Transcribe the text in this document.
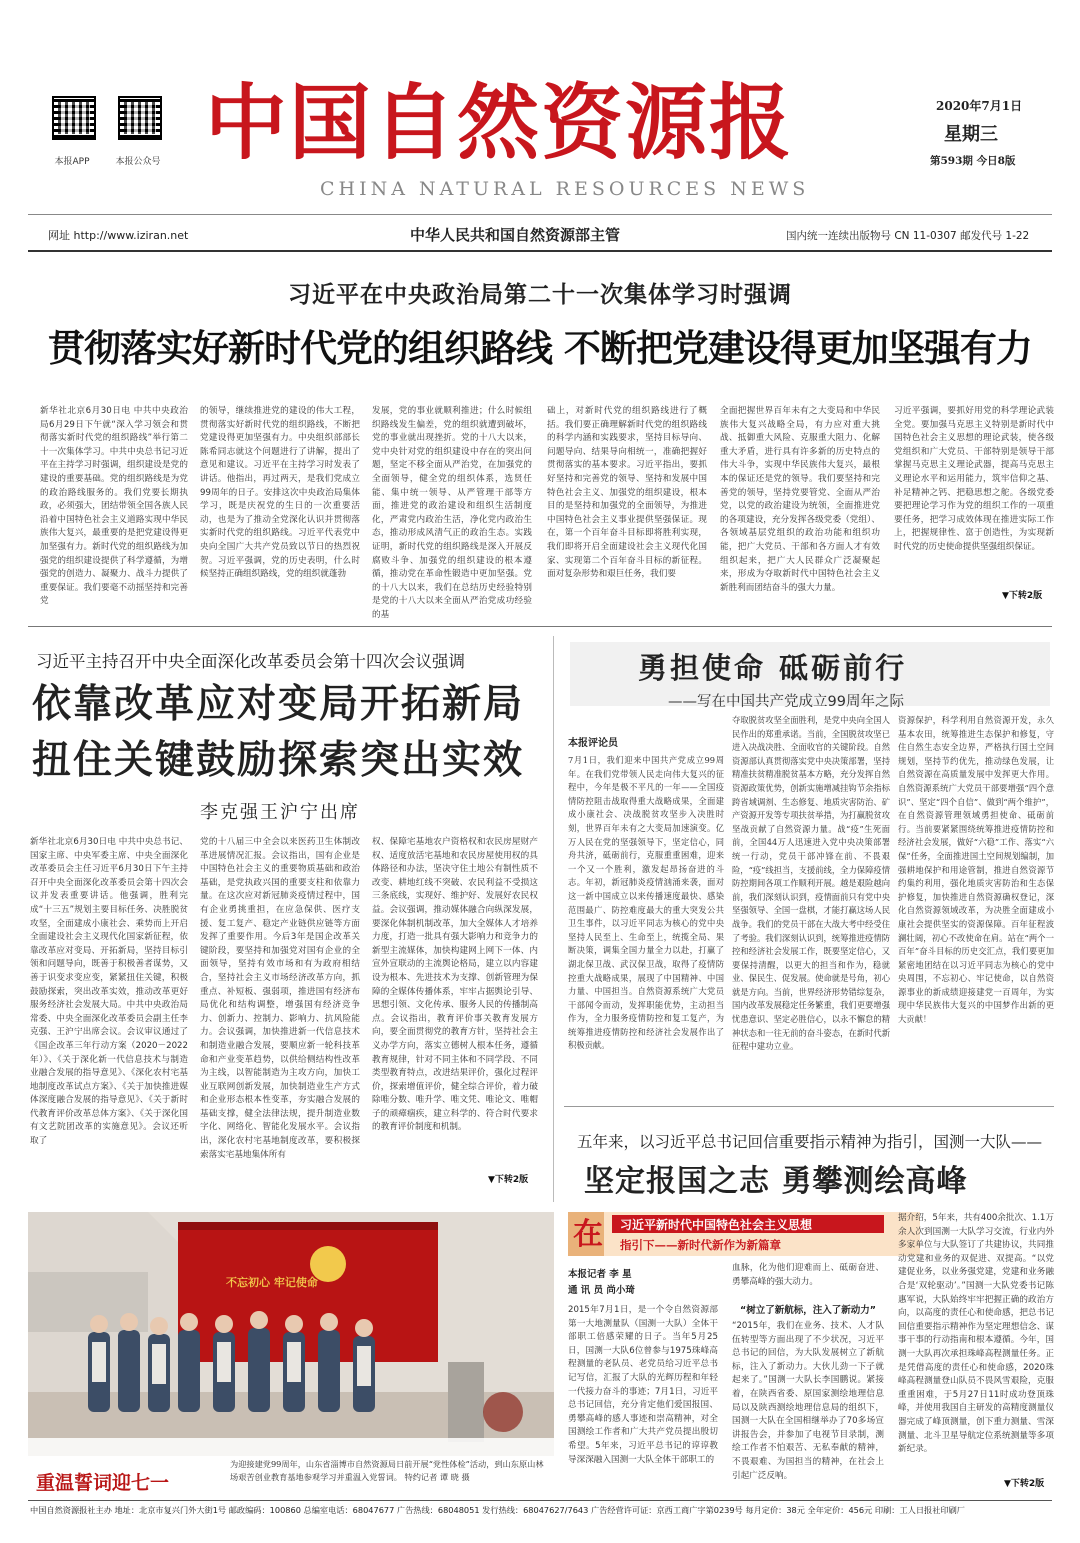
本报APP	本报公众号 中国自然资源报
CHINA NATURAL RESOURCES NEWS
2020年7月1日
星期三
第593期 今日8版
网址 http://www.iziran.net	中华人民共和国自然资源部主管	国内统一连续出版物号 CN 11-0307 邮发代号 1-22
习近平在中央政治局第二十一次集体学习时强调
贯彻落实好新时代党的组织路线 不断把党建设得更加坚强有力
新华社北京6月30日电 中共中央政治局6月29日下午就“深入学习领会和贯彻落实新时代党的组织路线”举行第二十一次集体学习。中共中央总书记习近平在主持学习时强调，组织建设是党的建设的重要基础。党的组织路线是为党的政治路线服务的。我们党要长期执政，必须强大，团结带领全国各族人民沿着中国特色社会主义道路实现中华民族伟大复兴，最重要的是把党建设得更加坚强有力。新时代党的组织路线为加强党的组织建设提供了科学遵循，为增强党的创造力、凝聚力、战斗力提供了重要保证。我们要毫不动摇坚持和完善党
的领导，继续推进党的建设的伟大工程，贯彻落实好新时代党的组织路线，不断把党建设得更加坚强有力。中央组织部部长陈希同志就这个问题进行了讲解，提出了意见和建议。习近平在主持学习时发表了讲话。他指出，再过两天，是我们党成立99周年的日子。安排这次中央政治局集体学习，既是庆祝党的生日的一次重要活动，也是为了推动全党深化认识并贯彻落实新时代党的组织路线。习近平代表党中央向全国广大共产党员致以节日的热烈祝贺。习近平强调，党的历史表明，什么时候坚持正确组织路线，党的组织就蓬勃
发展，党的事业就顺利推进；什么时候组织路线发生偏差，党的组织就遭到破坏，党的事业就出现挫折。党的十八大以来，党中央针对党的组织建设中存在的突出问题，坚定不移全面从严治党，在加强党的全面领导，健全党的组织体系，选贤任能、集中统一领导、从严管理干部等方面，推进党的政治建设和组织生活制度化，严肃党内政治生活，净化党内政治生态，推动形成风清气正的政治生态。实践证明，新时代党的组织路线是深入开展反腐败斗争、加强党的组织建设的根本遵循，推动党在革命性锻造中更加坚强。党的十八大以来，我们在总结历史经验特别是党的十八大以来全面从严治党成功经验的基
础上，对新时代党的组织路线进行了概括。我们要正确理解新时代党的组织路线的科学内涵和实践要求，坚持目标导向、问题导向、结果导向相统一，准确把握好贯彻落实的基本要求。习近平指出，要抓好坚持和完善党的领导、坚持和发展中国特色社会主义、加强党的组织建设，根本目的是坚持和加强党的全面领导，为推进中国特色社会主义事业提供坚强保证。现在，第一个百年奋斗目标即将胜利实现，我们即将开启全面建设社会主义现代化国家、实现第二个百年奋斗目标的新征程。面对复杂形势和艰巨任务，我们要
全面把握世界百年未有之大变局和中华民族伟大复兴战略全局，有力应对重大挑战、抵御重大风险、克服重大阻力、化解重大矛盾，进行具有许多新的历史特点的伟大斗争，实现中华民族伟大复兴，最根本的保证还是党的领导。我们要坚持和完善党的领导，坚持党要管党、全面从严治党，以党的政治建设为统领，全面推进党的各项建设，充分发挥各级党委（党组）、各领域基层党组织的政治功能和组织功能，把广大党员、干部和各方面人才有效组织起来，把广大人民群众广泛凝聚起来，形成为夺取新时代中国特色社会主义新胜利而团结奋斗的强大力量。
习近平强调，要抓好用党的科学理论武装全党。要加强马克思主义特别是新时代中国特色社会主义思想的理论武装，使各级党组织和广大党员、干部特别是领导干部掌握马克思主义理论武器，提高马克思主义理论水平和运用能力，筑牢信仰之基、补足精神之钙、把稳思想之舵。各级党委要把理论学习作为党的组织工作的一项重要任务，把学习成效体现在推进实际工作上，把握规律性、富于创造性，为实现新时代党的历史使命提供坚强组织保证。
▼下转2版
习近平主持召开中央全面深化改革委员会第十四次会议强调
依靠改革应对变局开拓新局
扭住关键鼓励探索突出实效
李克强王沪宁出席
新华社北京6月30日电 中共中央总书记、国家主席、中央军委主席、中央全面深化改革委员会主任习近平6月30日下午主持召开中央全面深化改革委员会第十四次会议并发表重要讲话。他强调，胜利完成“十三五”规划主要目标任务、决胜脱贫攻坚，全面建成小康社会、乘势而上开启全面建设社会主义现代化国家新征程，依靠改革应对变局、开拓新局，坚持目标引领和问题导向，既善于积极善者谋势，又善于识变求变应变，紧紧扭住关键，积极鼓励探索，突出改革实效，推动改革更好服务经济社会发展大局。中共中央政治局常委、中央全面深化改革委员会副主任李克强、王沪宁出席会议。会议审议通过了《国企改革三年行动方案（2020－2022年）》、《关于深化新一代信息技术与制造业融合发展的指导意见》、《深化农村宅基地制度改革试点方案》、《关于加快推进媒体深度融合发展的指导意见》、《关于新时代教育评价改革总体方案》、《关于深化国有文艺院团改革的实施意见》。会议还听取了
党的十八届三中全会以来医药卫生体制改革进展情况汇报。会议指出，国有企业是中国特色社会主义的重要物质基础和政治基础，是党执政兴国的重要支柱和依靠力量。在这次应对新冠肺炎疫情过程中，国有企业勇挑重担，在应急保供、医疗支援、复工复产、稳定产业链供应链等方面发挥了重要作用。今后3年是国企改革关键阶段，要坚持和加强党对国有企业的全面领导，坚持有效市场和有为政府相结合，坚持社会主义市场经济改革方向，抓重点、补短板、强弱项，推进国有经济布局优化和结构调整，增强国有经济竞争力、创新力、控制力、影响力、抗风险能力。会议强调，加快推进新一代信息技术和制造业融合发展，要顺应新一轮科技革命和产业变革趋势，以供给侧结构性改革为主线，以智能制造为主攻方向，加快工业互联网创新发展，加快制造业生产方式和企业形态根本性变革，夯实融合发展的基础支撑，健全法律法规，提升制造业数字化、网络化、智能化发展水平。会议指出，深化农村宅基地制度改革，要积极探索落实宅基地集体所有
权、保障宅基地农户资格权和农民房屋财产权、适度放活宅基地和农民房屋使用权的具体路径和办法，坚决守住土地公有制性质不改变、耕地红线不突破、农民利益不受损这三条底线，实现好、维护好、发展好农民权益。会议强调，推动媒体融合向纵深发展，要深化体制机制改革，加大全媒体人才培养力度，打造一批具有强大影响力和竞争力的新型主流媒体，加快构建网上网下一体、内宣外宣联动的主流舆论格局，建立以内容建设为根本、先进技术为支撑、创新管理为保障的全媒体传播体系，牢牢占据舆论引导、思想引领、文化传承、服务人民的传播制高点。会议指出，教育评价事关教育发展方向，要全面贯彻党的教育方针，坚持社会主义办学方向，落实立德树人根本任务，遵循教育规律，针对不同主体和不同学段、不同类型教育特点，改进结果评价，强化过程评价，探索增值评价，健全综合评价，着力破除唯分数、唯升学、唯文凭、唯论文、唯帽子的顽瘴痼疾，建立科学的、符合时代要求的教育评价制度和机制。
▼下转2版
勇担使命 砥砺前行
——写在中国共产党成立99周年之际
本报评论员
7月1日，我们迎来中国共产党成立99周年。在我们党带领人民走向伟大复兴的征程中，今年是极不平凡的一年——全国疫情防控阻击战取得重大战略成果，全面建成小康社会、决战脱贫攻坚步入决胜时刻，世界百年未有之大变局加速演变。亿万人民在党的坚强领导下，坚定信心，同舟共济，砥砺前行，克服重重困难，迎来一个又一个胜利，激发起昂扬奋进的斗志。年初，新冠肺炎疫情汹涌来袭，面对这一新中国成立以来传播速度最快、感染范围最广、防控难度最大的重大突发公共卫生事件，以习近平同志为核心的党中央坚持人民至上、生命至上，统揽全局、果断决策，调集全国力量全力以赴，打赢了湖北保卫战、武汉保卫战，取得了疫情防控重大战略成果，展现了中国精神、中国力量、中国担当。自然资源系统广大党员干部闻令而动，发挥职能优势，主动担当作为，全力服务疫情防控和复工复产，为统筹推进疫情防控和经济社会发展作出了积极贡献。
夺取脱贫攻坚全面胜利，是党中央向全国人民作出的郑重承诺。当前，全国脱贫攻坚已进入决战决胜、全面收官的关键阶段。自然资源部认真贯彻落实党中央决策部署，坚持精准扶贫精准脱贫基本方略，充分发挥自然资源政策优势，创新实施增减挂钩节余指标跨省域调剂、生态修复、地质灾害防治、矿产资源开发等专项扶贫举措，为打赢脱贫攻坚战贡献了自然资源力量。战“疫”生死面前，全国44万人迅速进入党中央决策部署统一行动，党员干部冲锋在前、不畏艰险，“疫”线担当，支援前线，全力保障疫情防控期间各项工作顺利开展。越是艰险越向前，我们深刻认识到，疫情面前只有党中央坚强领导、全国一盘棋，才能打赢这场人民战争。我们的党员干部在大战大考中经受住了考验。我们深刻认识到，统筹推进疫情防控和经济社会发展工作，既要坚定信心，又要保持清醒，以更大的担当和作为，稳就业、保民生、促发展。使命就是号角，初心就是方向。当前，世界经济形势错综复杂，国内改革发展稳定任务繁重，我们更要增强忧患意识、坚定必胜信心，以永不懈怠的精神状态和一往无前的奋斗姿态，在新时代新征程中建功立业。
资源保护，科学利用自然资源开发，永久基本农田，统筹推进生态保护和修复，守住自然生态安全边界，严格执行国土空间规划，坚持节约优先，推动绿色发展，让自然资源在高质量发展中发挥更大作用。自然资源系统广大党员干部要增强“四个意识”、坚定“四个自信”、做到“两个维护”，在自然资源管理领域勇担使命、砥砺前行。当前要紧紧围绕统筹推进疫情防控和经济社会发展，做好“六稳”工作、落实“六保”任务，全面推进国土空间规划编制，加强耕地保护和用途管制，推进自然资源节约集约利用，强化地质灾害防治和生态保护修复，加快推进自然资源确权登记，深化自然资源领域改革，为决胜全面建成小康社会提供坚实的资源保障。百年征程波澜壮阔，初心不改使命在肩。站在“两个一百年”奋斗目标的历史交汇点，我们要更加紧密地团结在以习近平同志为核心的党中央周围，不忘初心、牢记使命，以自然资源事业的新成绩迎接建党一百周年，为实现中华民族伟大复兴的中国梦作出新的更大贡献！
五年来，以习近平总书记回信重要指示精神为指引，国测一大队——
坚定报国之志 勇攀测绘高峰
在 习近平新时代中国特色社会主义思想
指引下——新时代新作为新篇章
本报记者 李 星
通 讯 员 尚小琦
2015年7月1日，是一个令自然资源部第一大地测量队（国测一大队）全体干部职工倍感荣耀的日子。当年5月25日，国测一大队6位曾参与1975珠峰高程测量的老队员、老党员给习近平总书记写信，汇报了大队的光辉历程和年轻一代接力奋斗的事迹；7月1日，习近平总书记回信，充分肯定他们爱国报国、勇攀高峰的感人事迹和崇高精神，对全国测绘工作者和广大共产党员提出殷切希望。5年来，习近平总书记的谆谆教导深深融入国测一大队全体干部职工的
血脉，化为他们迎难而上、砥砺奋进、勇攀高峰的强大动力。
“树立了新航标，注入了新动力”
“2015年，我们在业务、技术、人才队伍转型等方面出现了不少状况，习近平总书记的回信，为大队发展树立了新航标，注入了新动力。大伙儿劲一下子就起来了。”国测一大队长李国鹏说。紧接着，在陕西省委、原国家测绘地理信息局以及陕西测绘地理信息局的组织下，国测一大队在全国相继举办了70多场宣讲报告会，并参加了电视节目录制，测绘工作者不怕艰苦、无私奉献的精神，不畏艰难、为国担当的精神，在社会上引起广泛反响。
据介绍，5年来，共有400余批次、1.1万余人次到国测一大队学习交流，行业内外多家单位与大队签订了共建协议，共同推动党建和业务的双促进、双提高。“以党建促业务，以业务强党建，党建和业务融合是‘双轮驱动’。”国测一大队党委书记陈惠军说，大队始终牢牢把握正确的政治方向，以高度的责任心和使命感，把总书记回信重要指示精神作为坚定理想信念、谋事干事的行动指南和根本遵循。今年，国测一大队再次承担珠峰高程测量任务。正是凭借高度的责任心和使命感，2020珠峰高程测量登山队员不畏风雪艰险，克服重重困难，于5月27日11时成功登顶珠峰，并使用我国自主研发的高精度测量仪器完成了峰顶测量，创下重力测量、雪深测量、北斗卫星导航定位系统测量等多项新纪录。
▼下转2版
不忘初心 牢记使命
重温誓词迎七一
为迎接建党99周年，山东省淄博市自然资源局日前开展“党性体检”活动，到山东原山林场艰苦创业教育基地参观学习并重温入党誓词。 特约记者 谭 晓 摄
中国自然资源报社主办 地址：北京市复兴门外大街1号 邮政编码：100860 总编室电话：68047677 广告热线：68048051 发行热线：68047627/7643 广告经营许可证：京西工商广字第0239号 每月定价：38元 全年定价：456元 印刷：工人日报社印刷厂
